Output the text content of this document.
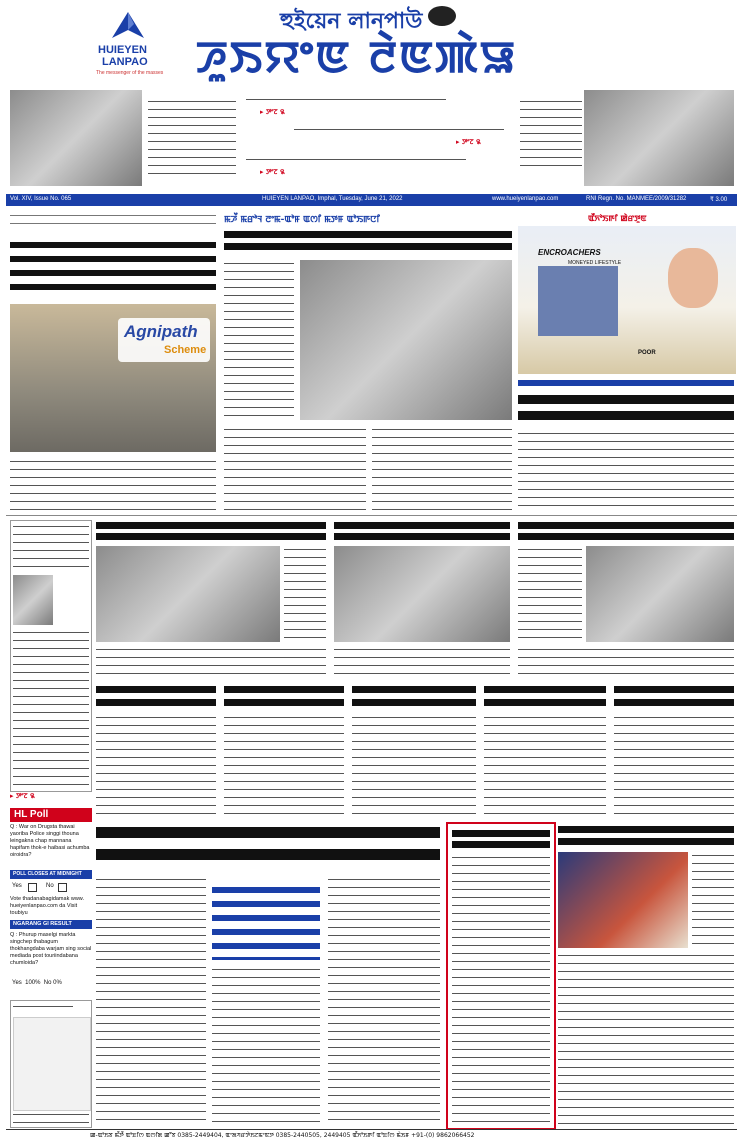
HUIEYEN
LANPAO
The messenger of the masses
হুইয়েন লানপাউ
ꯍꯨꯏꯌꯦꯟ ꯂꯥꯟꯄꯥꯎ
▸ ꯇꯦꯖ ꯲
▸ ꯇꯦꯖ ꯲
▸ ꯇꯦꯖ ꯲
Vol. XIV, Issue No. 065	HUIEYEN LANPAO, Imphal, Tuesday, June 21, 2022	www.hueiyenlanpao.com	RNI Regn. No. MANMEE/2009/31282	₹ 3.00
Agnipath
Scheme
ꯃꯍꯩ ꯃꯔꯣꯜ ꯂꯦꯃ-ꯑꯣꯝ ꯑꯁꯤ ꯃꯇꯝ ꯑꯣꯏꯒꯅꯤ	ꯑꯩꯈꯣꯏꯒꯤ ꯀꯥꯔꯇꯨꯟ
ENCROACHERS
MONEYED LIFESTYLE
POOR
▸ ꯇꯦꯖ ꯲
HL Poll
Q : War on Drugsta thawai yaoriba Police singgi thouna leingakna chap mannana hapifam thok-e haibasi achumba oiroidra?
POLL CLOSES AT MIDNIGHT
Yes	No
Vote thadanabagidamak www. hueiyenlanpao.com da Visit toubiyu
NGARANG GI RESULT
Q : Phurup maselgi markta singchep thabagum thokhangdaba warjam sing social mediada post touriindabana chumloida?
Yes  100%  No 0%
ꯀ-ꯑꯣꯏꯕ ꯃꯩꯇꯩ ꯑꯣꯐꯤꯁ ꯑꯁꯤꯗ ꯀꯧꯕ 0385-2449404, ꯑꯦꯗꯚꯔꯇꯥꯏꯖꯃꯦꯟꯇ 0385-2440505, 2449405 ꯑꯩꯈꯣꯏꯒꯤ ꯑꯣꯐꯤꯁ ꯃꯥꯏꯝ +91-(0) 9862066452
